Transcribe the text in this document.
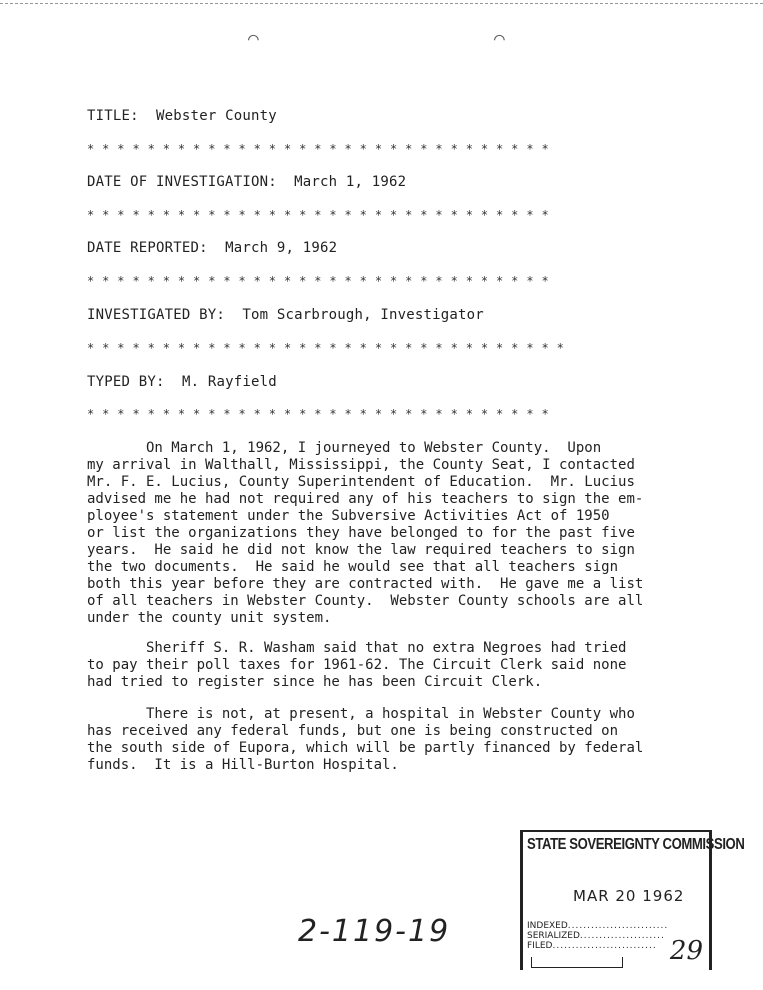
⌒	⌒
TITLE: Webster County
* * * * * * * * * * * * * * * * * * * * * * * * * * * * * * *
DATE OF INVESTIGATION: March 1, 1962
* * * * * * * * * * * * * * * * * * * * * * * * * * * * * * *
DATE REPORTED: March 9, 1962
* * * * * * * * * * * * * * * * * * * * * * * * * * * * * * *
INVESTIGATED BY: Tom Scarbrough, Investigator
* * * * * * * * * * * * * * * * * * * * * * * * * * * * * * * *
TYPED BY: M. Rayfield
* * * * * * * * * * * * * * * * * * * * * * * * * * * * * * *
On March 1, 1962, I journeyed to Webster County.  Upon
my arrival in Walthall, Mississippi, the County Seat, I contacted
Mr. F. E. Lucius, County Superintendent of Education.  Mr. Lucius
advised me he had not required any of his teachers to sign the em-
ployee's statement under the Subversive Activities Act of 1950
or list the organizations they have belonged to for the past five
years.  He said he did not know the law required teachers to sign
the two documents.  He said he would see that all teachers sign
both this year before they are contracted with.  He gave me a list
of all teachers in Webster County.  Webster County schools are all
under the county unit system.
Sheriff S. R. Washam said that no extra Negroes had tried
to pay their poll taxes for 1961-62. The Circuit Clerk said none
had tried to register since he has been Circuit Clerk.
There is not, at present, a hospital in Webster County who
has received any federal funds, but one is being constructed on
the south side of Eupora, which will be partly financed by federal
funds.  It is a Hill-Burton Hospital.
STATE SOVEREIGNTY COMMISSION
MAR 20 1962
INDEXED..........................
SERIALIZED......................
FILED........................... 29
2-119-19
